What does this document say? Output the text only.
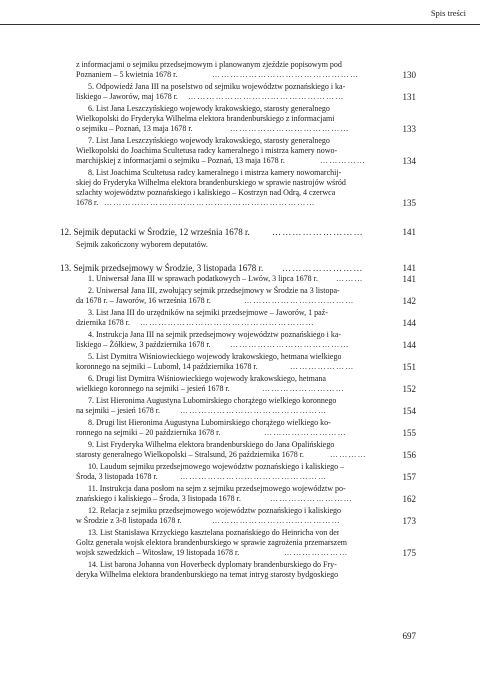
Spis treści
z informacjami o sejmiku przedsejmowym i planowanym zjeździe popisowym pod
Poznaniem – 5 kwietnia 1678 r.	…………………………………………	130
5. Odpowiedź Jana III na poselstwo od sejmiku województw poznańskiego i ka-
liskiego – Jaworów, maj 1678 r. ……………………………………………	131
6. List Jana Leszczyńskiego wojewody krakowskiego, starosty generalnego
Wielkopolski do Fryderyka Wilhelma elektora brandenburskiego z informacjami
o sejmiku – Poznań, 13 maja 1678 r.	…………………………………	133
7. List Jana Leszczyńskiego wojewody krakowskiego, starosty generalnego
Wielkopolski do Joachima Scultetusa radcy kameralnego i mistrza kamery nowo-
marchijskiej z informacjami o sejmiku – Poznań, 13 maja 1678 r.	……………	134
8. List Joachima Scultetusa radcy kameralnego i mistrza kamery nowomarchij-
skiej do Fryderyka Wilhelma elektora brandenburskiego w sprawie nastrojów wśród
szlachty województw poznańskiego i kaliskiego – Kostrzyn nad Odrą, 4 czerwca
1678 r. ……………………………………………………………	135
12. Sejmik deputacki w Środzie, 12 września 1678 r. ………………………	141
Sejmik zakończony wyborem deputatów.
13. Sejmik przedsejmowy w Środzie, 3 listopada 1678 r. ……………………	141
1. Uniwersał Jana III w sprawach podatkowych – Lwów, 3 lipca 1678 r. ………	141
2. Uniwersał Jana III, zwołujący sejmik przedsejmowy w Środzie na 3 listopa-
da 1678 r. – Jaworów, 16 września 1678 r.	………………………………	142
3. List Jana III do urzędników na sejmiki przedsejmowe – Jaworów, 1 paź-
dziernika 1678 r. …………………………………………………	144
4. Instrukcja Jana III na sejmik przedsejmowy województw poznańskiego i ka-
liskiego – Żółkiew, 3 października 1678 r. …………………………………	144
5. List Dymitra Wiśniowieckiego wojewody krakowskiego, hetmana wielkiego
koronnego na sejmiki – Lubomł, 14 października 1678 r.	…………………	151
6. Drugi list Dymitra Wiśniowieckiego wojewody krakowskiego, hetmana
wielkiego koronnego na sejmiki – jesień 1678 r.	………………………	152
7. List Hieronima Augustyna Lubomirskiego chorążego wielkiego koronnego
na sejmiki – jesień 1678 r.	…………………………………………	154
8. Drugi list Hieronima Augustyna Lubomirskiego chorążego wielkiego ko-
ronnego na sejmiki – 20 października 1678 r.	………………………	155
9. List Fryderyka Wilhelma elektora brandenburskiego do Jana Opalińskiego
starosty generalnego Wielkopolski – Stralsund, 26 października 1678 r.	…………	156
10. Laudum sejmiku przedsejmowego województw poznańskiego i kaliskiego –
Środa, 3 listopada 1678 r.	…………………………………………	157
11. Instrukcja dana posłom na sejm z sejmiku przedsejmowego województw po-
znańskiego i kaliskiego – Środa, 3 listopada 1678 r.	………………………	162
12. Relacja z sejmiku przedsejmowego województw poznańskiego i kaliskiego
w Środzie z 3-8 listopada 1678 r.	……………………………………	173
13. List Stanisława Krzyckiego kasztelana poznańskiego do Heinricha von der
Goltz generała wojsk elektora brandenburskiego w sprawie zagrożenia przemarszem
wojsk szwedzkich – Witosław, 19 listopada 1678 r.	…………………	175
14. List barona Johanna von Hoverbeck dyplomaty brandenburskiego do Fry-
deryka Wilhelma elektora brandenburskiego na temat intryg starosty bydgoskiego
697
